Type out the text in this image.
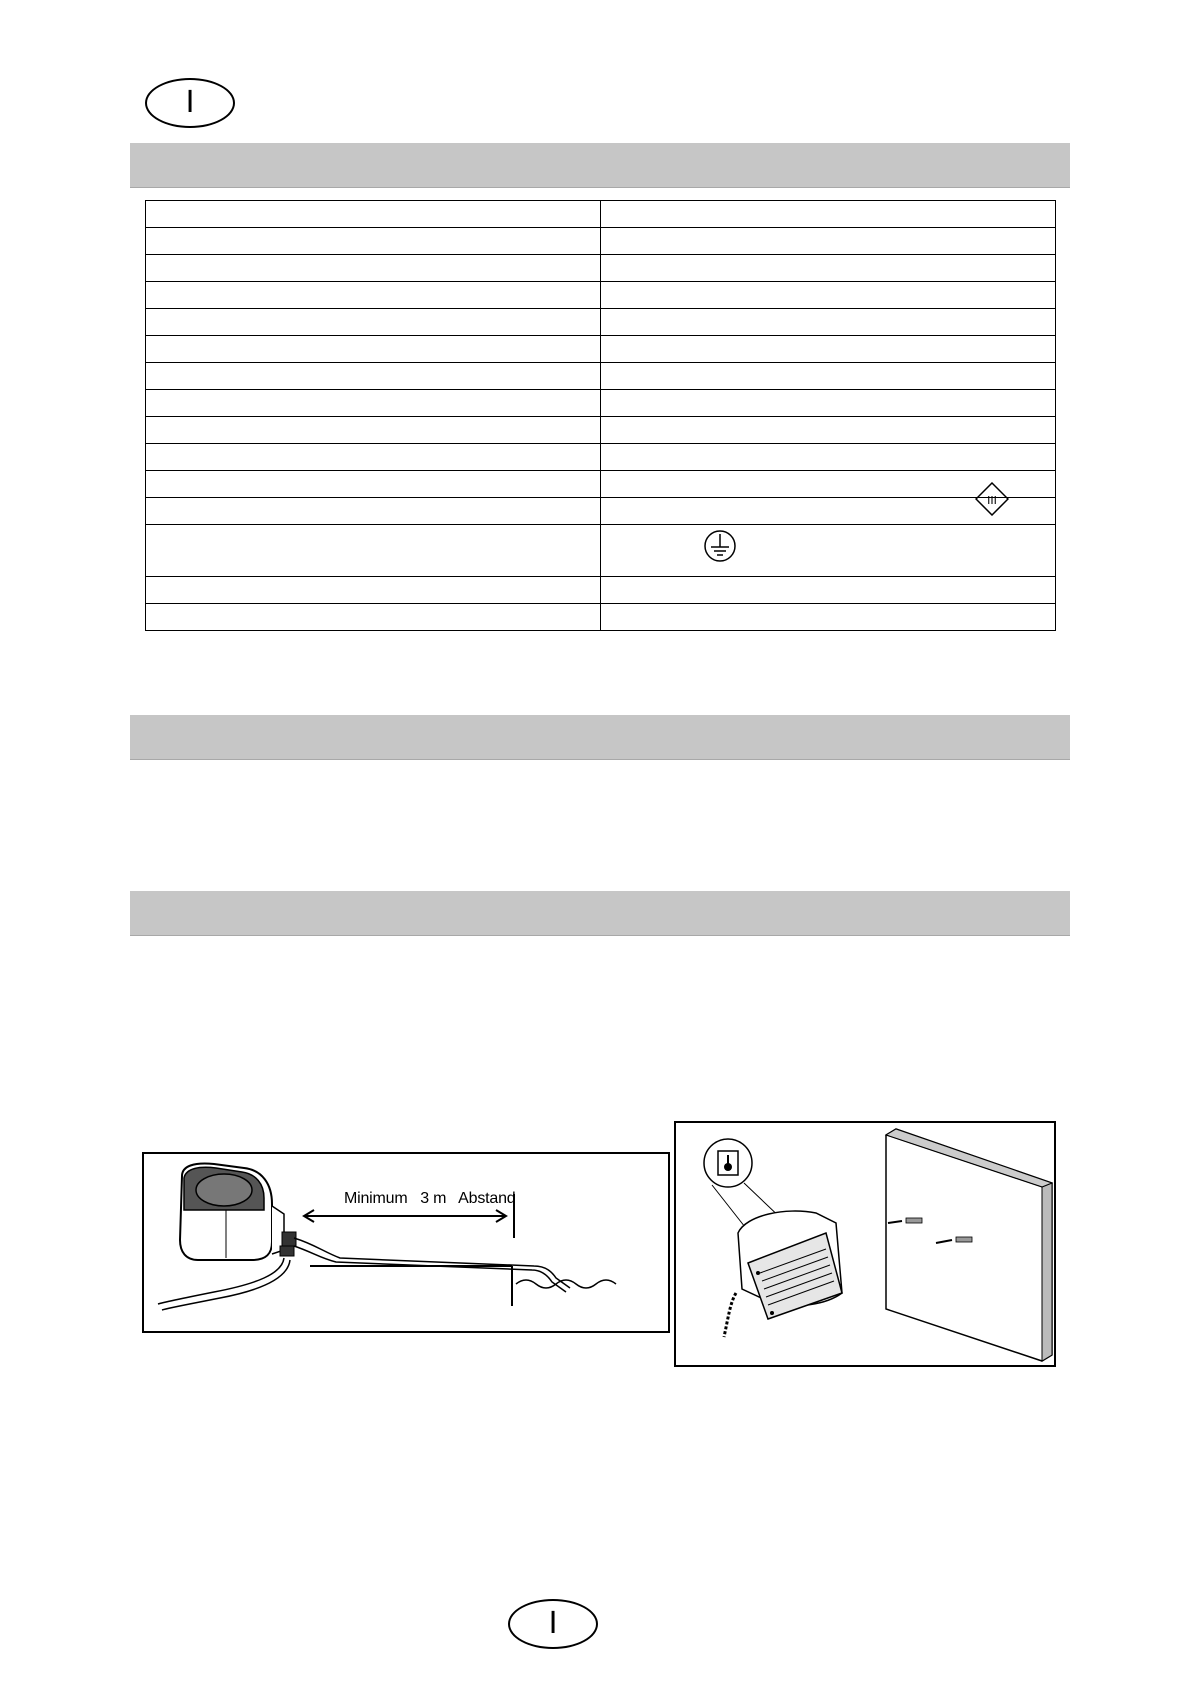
I

III

Minimum   3 m   Abstand
I
